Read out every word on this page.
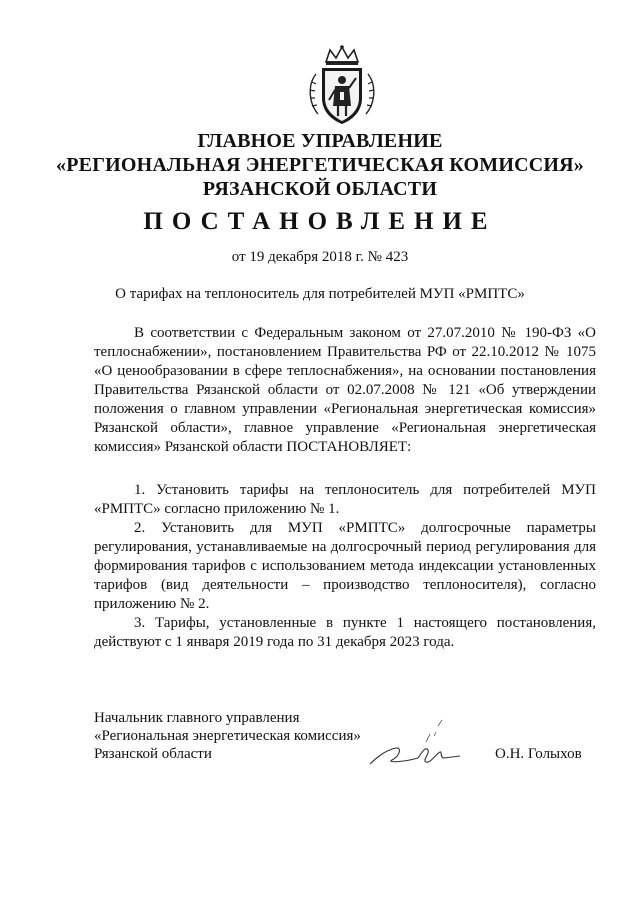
ГЛАВНОЕ УПРАВЛЕНИЕ
«РЕГИОНАЛЬНАЯ ЭНЕРГЕТИЧЕСКАЯ КОМИССИЯ»
РЯЗАНСКОЙ ОБЛАСТИ
ПОСТАНОВЛЕНИЕ
от 19 декабря 2018 г. № 423
О тарифах на теплоноситель для потребителей МУП «РМПТС»

В соответствии с Федеральным законом от 27.07.2010 № 190-ФЗ «О теплоснабжении», постановлением Правительства РФ от 22.10.2012 № 1075 «О ценообразовании в сфере теплоснабжения», на основании постановления Правительства Рязанской области от 02.07.2008 № 121 «Об утверждении положения о главном управлении «Региональная энергетическая комиссия» Рязанской области», главное управление «Региональная энергетическая комиссия» Рязанской области ПОСТАНОВЛЯЕТ:

1. Установить тарифы на теплоноситель для потребителей МУП «РМПТС» согласно приложению № 1.

2. Установить для МУП «РМПТС» долгосрочные параметры регулирования, устанавливаемые на долгосрочный период регулирования для формирования тарифов с использованием метода индексации установленных тарифов (вид деятельности – производство теплоносителя), согласно приложению № 2.

3. Тарифы, установленные в пункте 1 настоящего постановления, действуют с 1 января 2019 года по 31 декабря 2023 года.

Начальник главного управления
«Региональная энергетическая комиссия»
Рязанской области	О.Н. Голыхов
